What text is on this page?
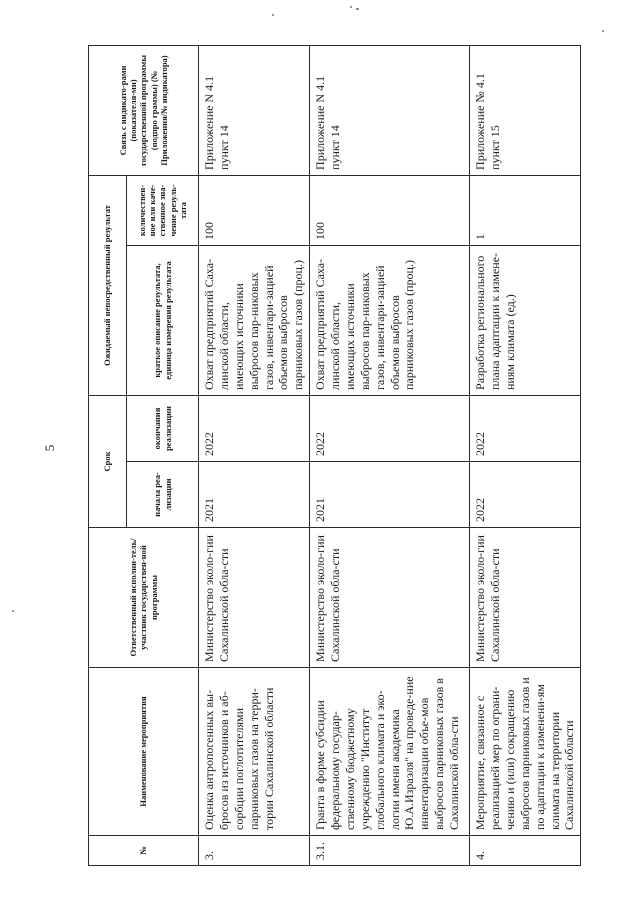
5
№	Наименование мероприятия	Ответственный исполни-тель/участник государствен-ной программы	Срок		Ожидаемый непосредственный результат		Связь с индикато-рами (показателя-ми) государственной программы (подпро граммы) (№ Приложения/№ индикатора)
			начала реа-лизации	окончания реализации	краткое описание результата, единица измерения результата	количествен-ное или каче-ственное зна-чение резуль-тата	
3.	Оценка антропогенных вы-бросов из источников и аб-сорбции поглотителями парниковых газов на терри-тории Сахалинской области	Министерство эколо-гии Сахалинской обла-сти	2021	2022	Охват предприятий Саха-линской области, имеющих источники выбросов пар-никовых газов, инвентари-зацией объемов выбросов парниковых газов (проц.)	100	Приложение N 4.1 пункт 14
3.1.	Гранта в форме субсидии федеральному государ-ственному бюджетному учреждению "Институт глобального климата и эко-логии имени академика Ю.А.Израэля" на проведе-ние инвентаризации объе-мов выбросов парниковых газов в Сахалинской обла-сти	Министерство эколо-гии Сахалинской обла-сти	2021	2022	Охват предприятий Саха-линской области, имеющих источники выбросов пар-никовых газов, инвентари-зацией объемов выбросов парниковых газов (проц.)	100	Приложение N 4.1 пункт 14
4.	Мероприятие, связанное с реализацией мер по ограни-чению и (или) сокращению выбросов парниковых газов и по адаптации к изменени-ям климата на территории Сахалинской области	Министерство эколо-гии Сахалинской обла-сти	2022	2022	Разработка регионального плана адаптации к измене-ниям климата (ед.)	1	Приложение № 4.1 пункт 15
